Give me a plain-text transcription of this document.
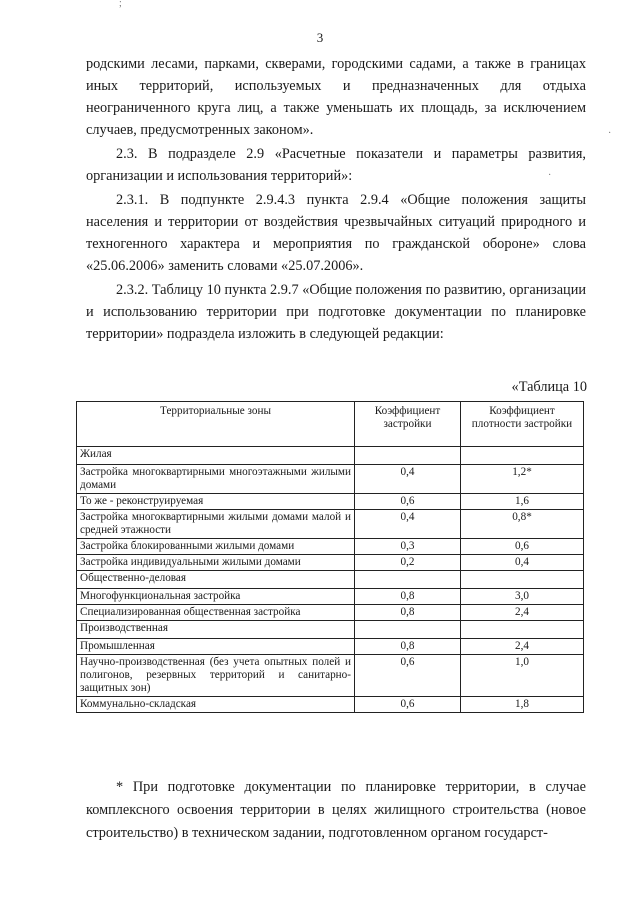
;
·
·
3

родскими лесами, парками, скверами, городскими садами, а также в границах иных территорий, используемых и предназначенных для отдыха неограниченного круга лиц, а также уменьшать их площадь, за исключением случаев, предусмотренных законом».

2.3. В подразделе 2.9 «Расчетные показатели и параметры развития, организации и использования территорий»:

2.3.1. В подпункте 2.9.4.3 пункта 2.9.4 «Общие положения защиты населения и территории от воздействия чрезвычайных ситуаций природного и техногенного характера и мероприятия по гражданской обороне» слова «25.06.2006» заменить словами «25.07.2006».

2.3.2. Таблицу 10 пункта 2.9.7 «Общие положения по развитию, организации и использованию территории при подготовке документации по планировке территории» подраздела изложить в следующей редакции:

«Таблица 10
Территориальные зоны	Коэффициент застройки	Коэффициент плотности застройки
Жилая		
Застройка многоквартирными многоэтажными жилыми домами	0,4	1,2*
То же - реконструируемая	0,6	1,6
Застройка многоквартирными жилыми домами малой и средней этажности	0,4	0,8*
Застройка блокированными жилыми домами	0,3	0,6
Застройка индивидуальными жилыми домами	0,2	0,4
Общественно-деловая		
Многофункциональная застройка	0,8	3,0
Специализированная общественная застройка	0,8	2,4
Производственная		
Промышленная	0,8	2,4
Научно-производственная (без учета опытных полей и полигонов, резервных территорий и санитарно-защитных зон)	0,6	1,0
Коммунально-складская	0,6	1,8
* При подготовке документации по планировке территории, в случае комплексного освоения территории в целях жилищного строительства (новое строительство) в техническом задании, подготовленном органом государст-
